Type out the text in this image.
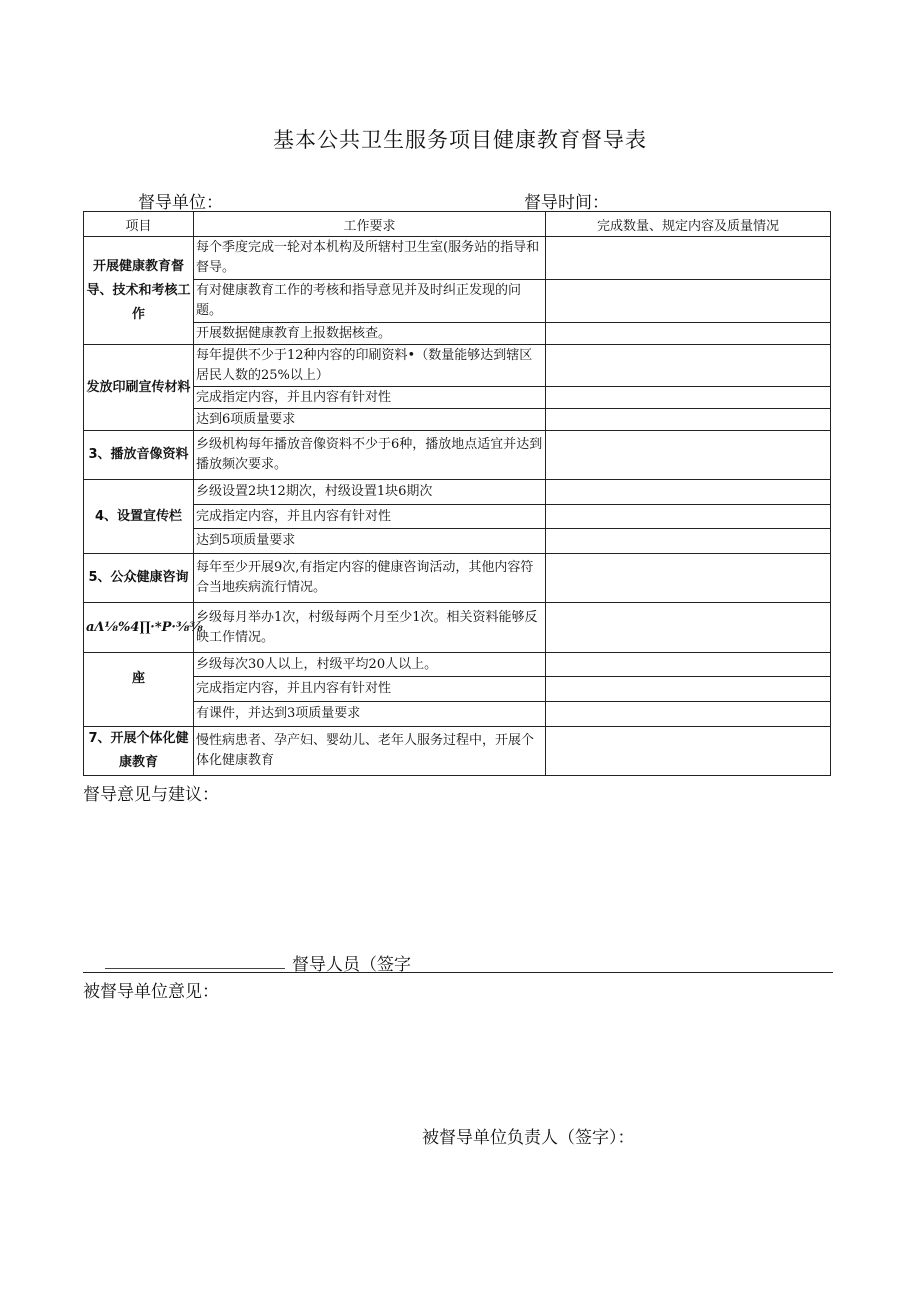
基本公共卫生服务项目健康教育督导表
督导单位：	督导时间：
项目	工作要求	完成数量、规定内容及质量情况
开展健康教育督导、技术和考核工作	每个季度完成一轮对本机构及所辖村卫生室(服务站的指导和督导。	
	有对健康教育工作的考核和指导意见并及时纠正发现的问题。	
	开展数据健康教育上报数据核查。	
发放印刷宣传材料	每年提供不少于12种内容的印刷资料•（数量能够达到辖区居民人数的25%以上）	
	完成指定内容，并且内容有针对性	
	达到6项质量要求	
3、播放音像资料	乡级机构每年播放音像资料不少于6种，播放地点适宜并达到播放频次要求。	
4、设置宣传栏	乡级设置2块12期次，村级设置1块6期次	
	完成指定内容，并且内容有针对性	
	达到5项质量要求	
5、公众健康咨询	每年至少开展9次,有指定内容的健康咨询活动，其他内容符合当地疾病流行情况。	
aΛ⅛%4∏·*P·⅜⅜	乡级每月举办1次，村级每两个月至少1次。相关资料能够反映工作情况。	
座	乡级每次30人以上，村级平均20人以上。	
	完成指定内容，并且内容有针对性	
	有课件，并达到3项质量要求	
7、开展个体化健康教育	慢性病患者、孕产妇、婴幼儿、老年人服务过程中，开展个体化健康教育	
督导意见与建议：
督导人员（签字
被督导单位意见：
被督导单位负责人（签字）：
